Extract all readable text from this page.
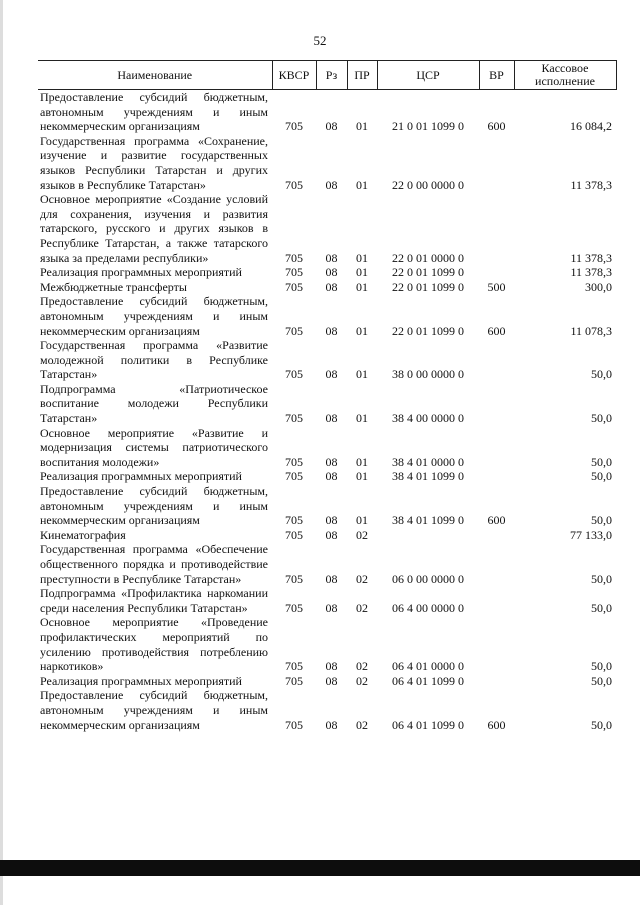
52
Наименование	КВСР	Рз	ПР	ЦСР	ВР	Кассовое исполнение
Предоставление субсидий бюджетным, автономным учреждениям и иным некоммерческим организациям	705	08	01	21 0 01 1099 0	600	16 084,2
Государственная программа «Сохранение, изучение и развитие государственных языков Республики Татарстан и других языков в Республике Татарстан»	705	08	01	22 0 00 0000 0		11 378,3
Основное мероприятие «Создание условий для сохранения, изучения и развития татарского, русского и других языков в Республике Татарстан, а также татарского языка за пределами республики»	705	08	01	22 0 01 0000 0		11 378,3
Реализация программных мероприятий	705	08	01	22 0 01 1099 0		11 378,3
Межбюджетные трансферты	705	08	01	22 0 01 1099 0	500	300,0
Предоставление субсидий бюджетным, автономным учреждениям и иным некоммерческим организациям	705	08	01	22 0 01 1099 0	600	11 078,3
Государственная программа «Развитие молодежной политики в Республике Татарстан»	705	08	01	38 0 00 0000 0		50,0
Подпрограмма «Патриотическое воспитание молодежи Республики Татарстан»	705	08	01	38 4 00 0000 0		50,0
Основное мероприятие «Развитие и модернизация системы патриотического воспитания молодежи»	705	08	01	38 4 01 0000 0		50,0
Реализация программных мероприятий	705	08	01	38 4 01 1099 0		50,0
Предоставление субсидий бюджетным, автономным учреждениям и иным некоммерческим организациям	705	08	01	38 4 01 1099 0	600	50,0
Кинематография	705	08	02			77 133,0
Государственная программа «Обеспечение общественного порядка и противодействие преступности в Республике Татарстан»	705	08	02	06 0 00 0000 0		50,0
Подпрограмма «Профилактика наркомании среди населения Республики Татарстан»	705	08	02	06 4 00 0000 0		50,0
Основное мероприятие «Проведение профилактических мероприятий по усилению противодействия потреблению наркотиков»	705	08	02	06 4 01 0000 0		50,0
Реализация программных мероприятий	705	08	02	06 4 01 1099 0		50,0
Предоставление субсидий бюджетным, автономным учреждениям и иным некоммерческим организациям	705	08	02	06 4 01 1099 0	600	50,0
